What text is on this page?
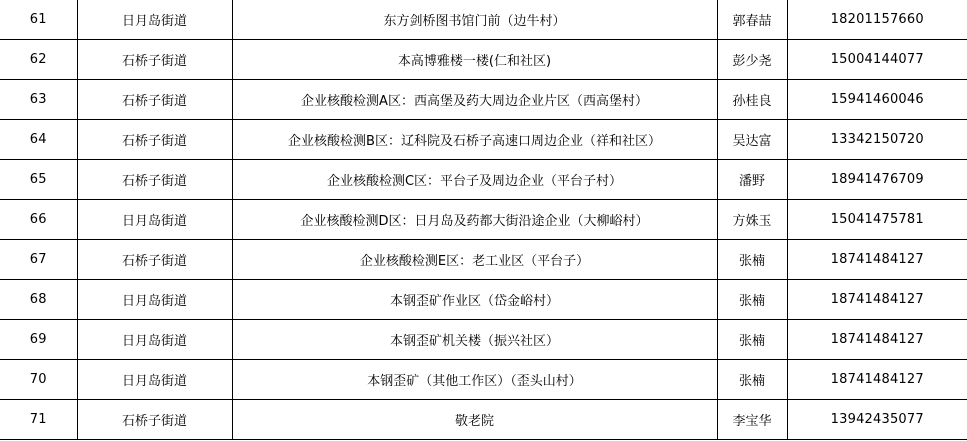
61	日月岛街道	东方剑桥图书馆门前（边牛村）	郭春喆	18201157660
62	石桥子街道	本高博雅楼一楼(仁和社区)	彭少尧	15004144077
63	石桥子街道	企业核酸检测A区：西高堡及药大周边企业片区（西高堡村）	孙桂良	15941460046
64	石桥子街道	企业核酸检测B区：辽科院及石桥子高速口周边企业（祥和社区）	吴达富	13342150720
65	石桥子街道	企业核酸检测C区：平台子及周边企业（平台子村）	潘野	18941476709
66	日月岛街道	企业核酸检测D区：日月岛及药都大街沿途企业（大柳峪村）	方姝玉	15041475781
67	石桥子街道	企业核酸检测E区：老工业区（平台子）	张楠	18741484127
68	日月岛街道	本钢歪矿作业区（岱金峪村）	张楠	18741484127
69	日月岛街道	本钢歪矿机关楼（振兴社区）	张楠	18741484127
70	日月岛街道	本钢歪矿（其他工作区）（歪头山村）	张楠	18741484127
71	石桥子街道	敬老院	李宝华	13942435077
